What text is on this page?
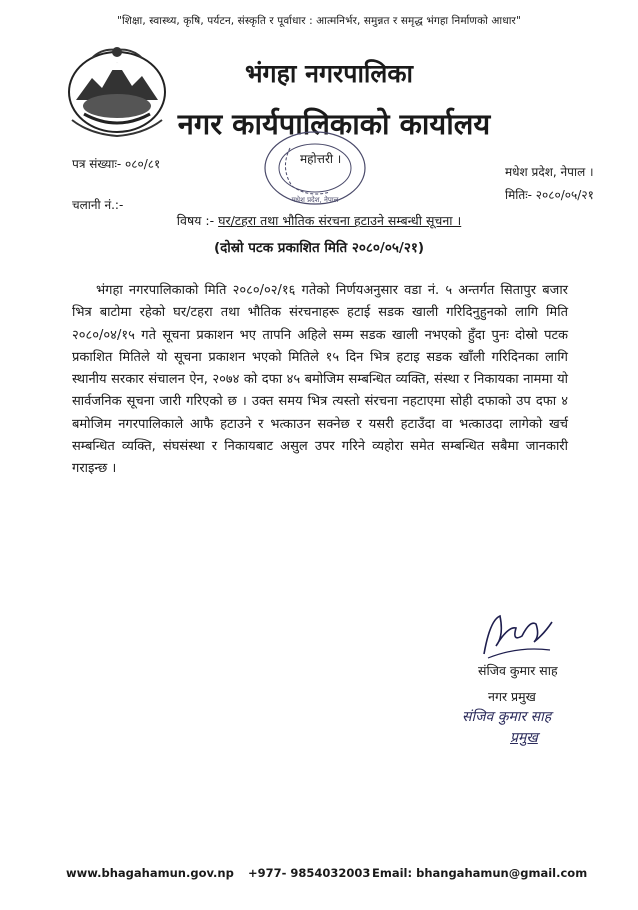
"शिक्षा, स्वास्थ्य, कृषि, पर्यटन, संस्कृति र पूर्वाधार : आत्मनिर्भर, समुन्नत र समृद्ध भंगहा निर्माणको आधार"
भंगहा नगरपालिका
नगर कार्यपालिकाको कार्यालय
पत्र संख्याः- ०८०/८१
चलानी नं.:-
महोत्तरी ।
मधेश प्रदेश, नेपाल ।
मितिः- २०८०/०५/२१
मधेश प्रदेश, नेपाल
विषय :- घर/टहरा तथा भौतिक संरचना हटाउने सम्बन्धी सूचना ।
(दोस्रो पटक प्रकाशित मिति २०८०/०५/२१)
भंगहा नगरपालिकाको मिति २०८०/०२/१६ गतेको निर्णयअनुसार वडा नं. ५ अन्तर्गत सितापुर बजार भित्र बाटोमा रहेको घर/टहरा तथा भौतिक संरचनाहरू हटाई सडक खाली गरिदिनुहुनको लागि मिति २०८०/०४/१५ गते सूचना प्रकाशन भए तापनि अहिले सम्म सडक खाली नभएको हुँदा पुनः दोस्रो पटक प्रकाशित मितिले यो सूचना प्रकाशन भएको मितिले १५ दिन भित्र हटाइ सडक खाँली गरिदिनका लागि स्थानीय सरकार संचालन ऐन, २०७४ को दफा ४५ बमोजिम सम्बन्धित व्यक्ति, संस्था र निकायका नाममा यो सार्वजनिक सूचना जारी गरिएको छ । उक्त समय भित्र त्यस्तो संरचना नहटाएमा सोही दफाको उप दफा ४ बमोजिम नगरपालिकाले आफै हटाउने र भत्काउन सक्नेछ र यसरी हटाउँदा वा भत्काउदा लागेको खर्च सम्बन्धित व्यक्ति, संघसंस्था र निकायबाट असुल उपर गरिने व्यहोरा समेत सम्बन्धित सबैमा जानकारी गराइन्छ ।
संजिव कुमार साह
नगर प्रमुख
संजिव कुमार साह
प्रमुख
www.bhagahamun.gov.np +977- 9854032003 Email: bhangahamun@gmail.com
